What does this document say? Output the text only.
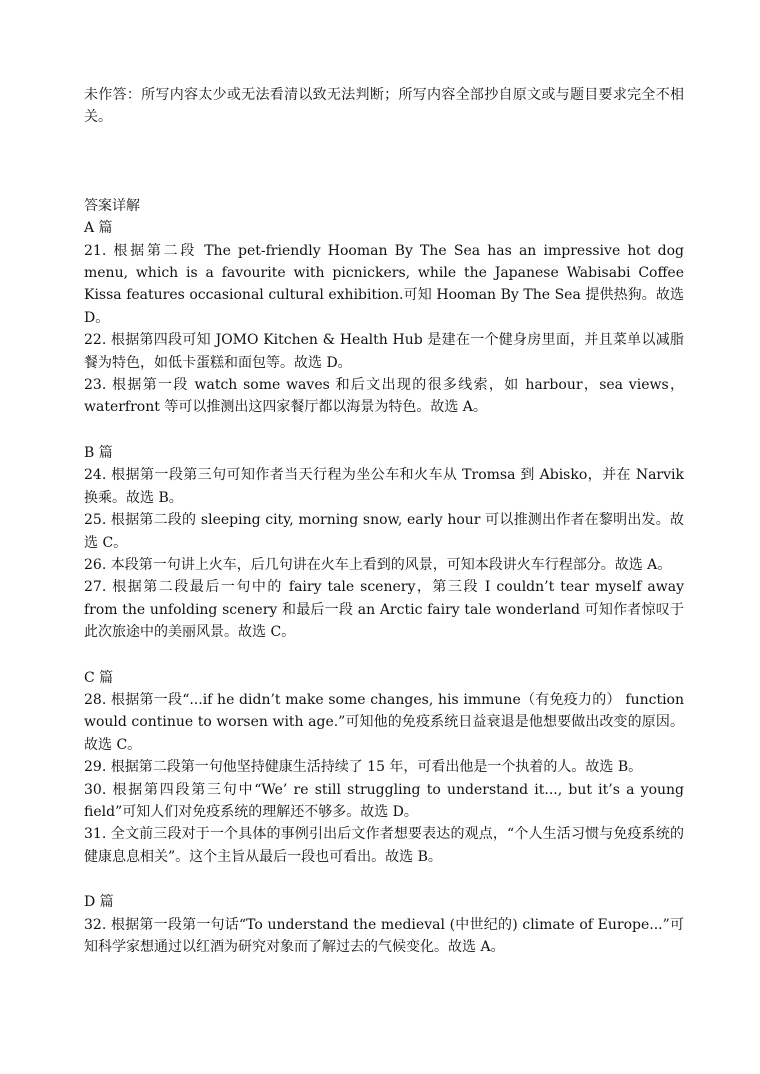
未作答：所写内容太少或无法看清以致无法判断；所写内容全部抄自原文或与题目要求完全不相关。

答案详解

A 篇

21. 根据第二段 The pet-friendly Hooman By The Sea has an impressive hot dog menu, which is a favourite with picnickers, while the Japanese Wabisabi Coffee Kissa features occasional cultural exhibition.可知 Hooman By The Sea 提供热狗。故选 D。

22. 根据第四段可知 JOMO Kitchen & Health Hub 是建在一个健身房里面，并且菜单以减脂餐为特色，如低卡蛋糕和面包等。故选 D。

23. 根据第一段 watch some waves 和后文出现的很多线索，如 harbour，sea views，waterfront 等可以推测出这四家餐厅都以海景为特色。故选 A。

B 篇

24. 根据第一段第三句可知作者当天行程为坐公车和火车从 Tromsa 到 Abisko，并在 Narvik 换乘。故选 B。

25. 根据第二段的 sleeping city, morning snow, early hour 可以推测出作者在黎明出发。故选 C。

26. 本段第一句讲上火车，后几句讲在火车上看到的风景，可知本段讲火车行程部分。故选 A。

27. 根据第二段最后一句中的 fairy tale scenery，第三段 I couldn’t tear myself away from the unfolding scenery 和最后一段 an Arctic fairy tale wonderland 可知作者惊叹于此次旅途中的美丽风景。故选 C。

C 篇

28. 根据第一段“...if he didn’t make some changes, his immune（有免疫力的） function would continue to worsen with age.”可知他的免疫系统日益衰退是他想要做出改变的原因。故选 C。

29. 根据第二段第一句他坚持健康生活持续了 15 年，可看出他是一个执着的人。故选 B。

30. 根据第四段第三句中“We’ re still struggling to understand it..., but it’s a young field”可知人们对免疫系统的理解还不够多。故选 D。

31. 全文前三段对于一个具体的事例引出后文作者想要表达的观点，“个人生活习惯与免疫系统的健康息息相关”。这个主旨从最后一段也可看出。故选 B。

D 篇

32. 根据第一段第一句话“To understand the medieval (中世纪的) climate of Europe...”可知科学家想通过以红酒为研究对象而了解过去的气候变化。故选 A。
